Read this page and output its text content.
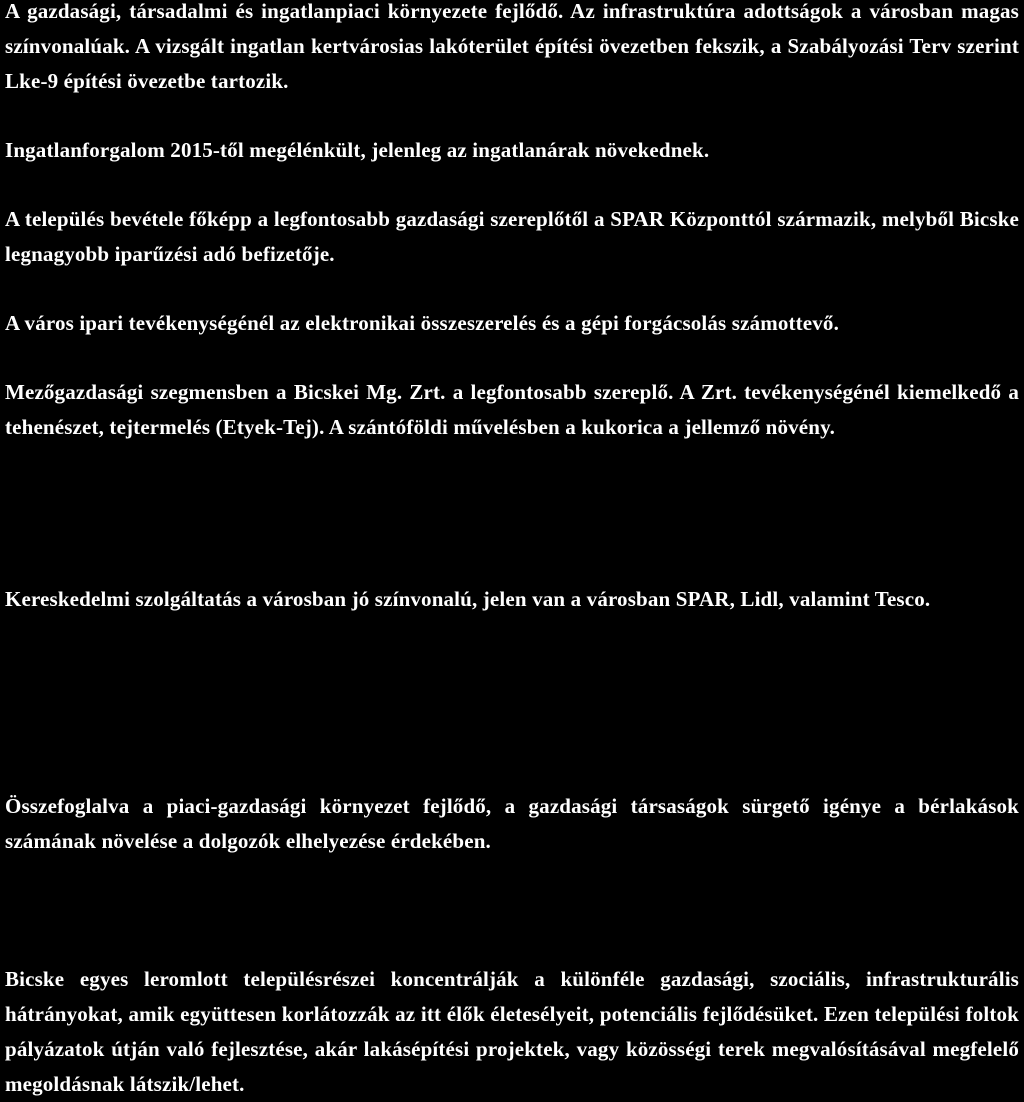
A gazdasági, társadalmi és ingatlanpiaci környezete fejlődő. Az infrastruktúra adottságok a városban magas színvonalúak. A vizsgált ingatlan kertvárosias lakóterület építési övezetben fekszik, a Szabályozási Terv szerint Lke-9 építési övezetbe tartozik.

Ingatlanforgalom 2015-től megélénkült, jelenleg az ingatlanárak növekednek.

A település bevétele főképp a legfontosabb gazdasági szereplőtől a SPAR Központtól származik, melyből Bicske legnagyobb iparűzési adó befizetője.

A város ipari tevékenységénél az elektronikai összeszerelés és a gépi forgácsolás számottevő.

Mezőgazdasági szegmensben a Bicskei Mg. Zrt. a legfontosabb szereplő. A Zrt. tevékenységénél kiemelkedő a tehenészet, tejtermelés (Etyek-Tej). A szántóföldi művelésben a kukorica a jellemző növény.

Kereskedelmi szolgáltatás a városban jó színvonalú, jelen van a városban SPAR, Lidl, valamint Tesco.

Összefoglalva a piaci-gazdasági környezet fejlődő, a gazdasági társaságok sürgető igénye a bérlakások számának növelése a dolgozók elhelyezése érdekében.

Bicske egyes leromlott településrészei koncentrálják a különféle gazdasági, szociális, infrastrukturális hátrányokat, amik együttesen korlátozzák az itt élők életesélyeit, potenciális fejlődésüket. Ezen települési foltok pályázatok útján való fejlesztése, akár lakásépítési projektek, vagy közösségi terek megvalósításával megfelelő megoldásnak látszik/lehet.
